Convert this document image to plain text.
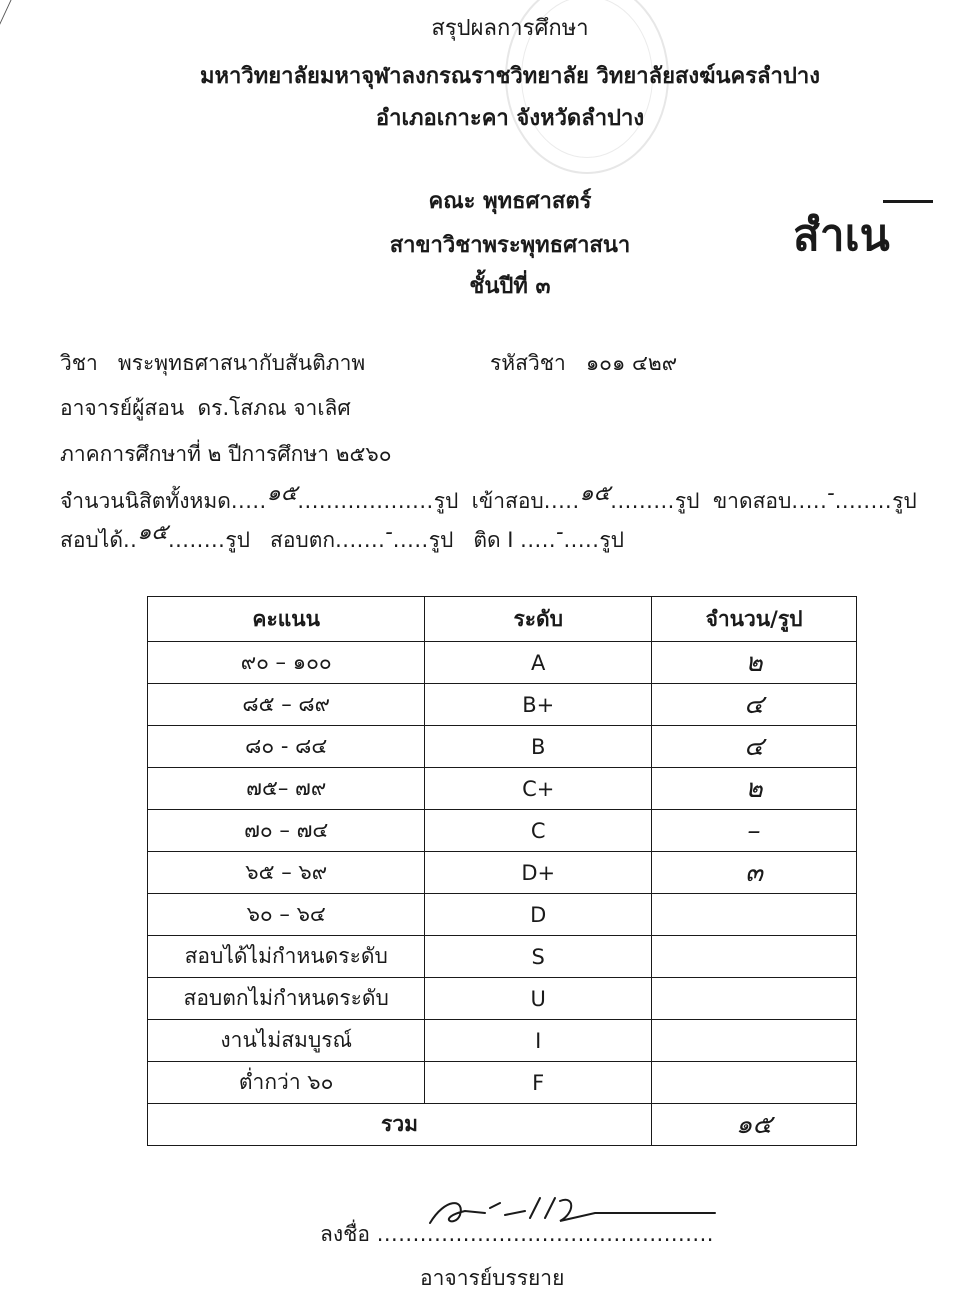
สรุปผลการศึกษา
มหาวิทยาลัยมหาจุฬาลงกรณราชวิทยาลัย วิทยาลัยสงฆ์นครลำปาง
อำเภอเกาะคา จังหวัดลำปาง
คณะ พุทธศาสตร์
สาขาวิชาพระพุทธศาสนา
ชั้นปีที่ ๓
สำเน
วิชา พระพุทธศาสนากับสันติภาพ	รหัสวิชา ๑๐๑ ๔๒๙
อาจารย์ผู้สอน ดร.โสภณ จาเลิศ
ภาคการศึกษาที่ ๒ ปีการศึกษา ๒๕๖๐
จำนวนนิสิตทั้งหมด.....๑๕...................รูป เข้าสอบ.....๑๕.........รูป ขาดสอบ.....-........รูป
สอบได้..๑๕........รูป สอบตก.......-.....รูป ติด I .....-.....รูป
คะแนน	ระดับ	จำนวน/รูป
๙๐ – ๑๐๐	A	๒
๘๕ – ๘๙	B+	๔
๘๐ - ๘๔	B	๔
๗๕– ๗๙	C+	๒
๗๐ – ๗๔	C	–
๖๕ – ๖๙	D+	๓
๖๐ – ๖๔	D	
สอบได้ไม่กำหนดระดับ	S	
สอบตกไม่กำหนดระดับ	U	
งานไม่สมบูรณ์	I	
ต่ำกว่า ๖๐	F	
รวม		๑๕
ลงชื่อ ...............................................
อาจารย์บรรยาย
